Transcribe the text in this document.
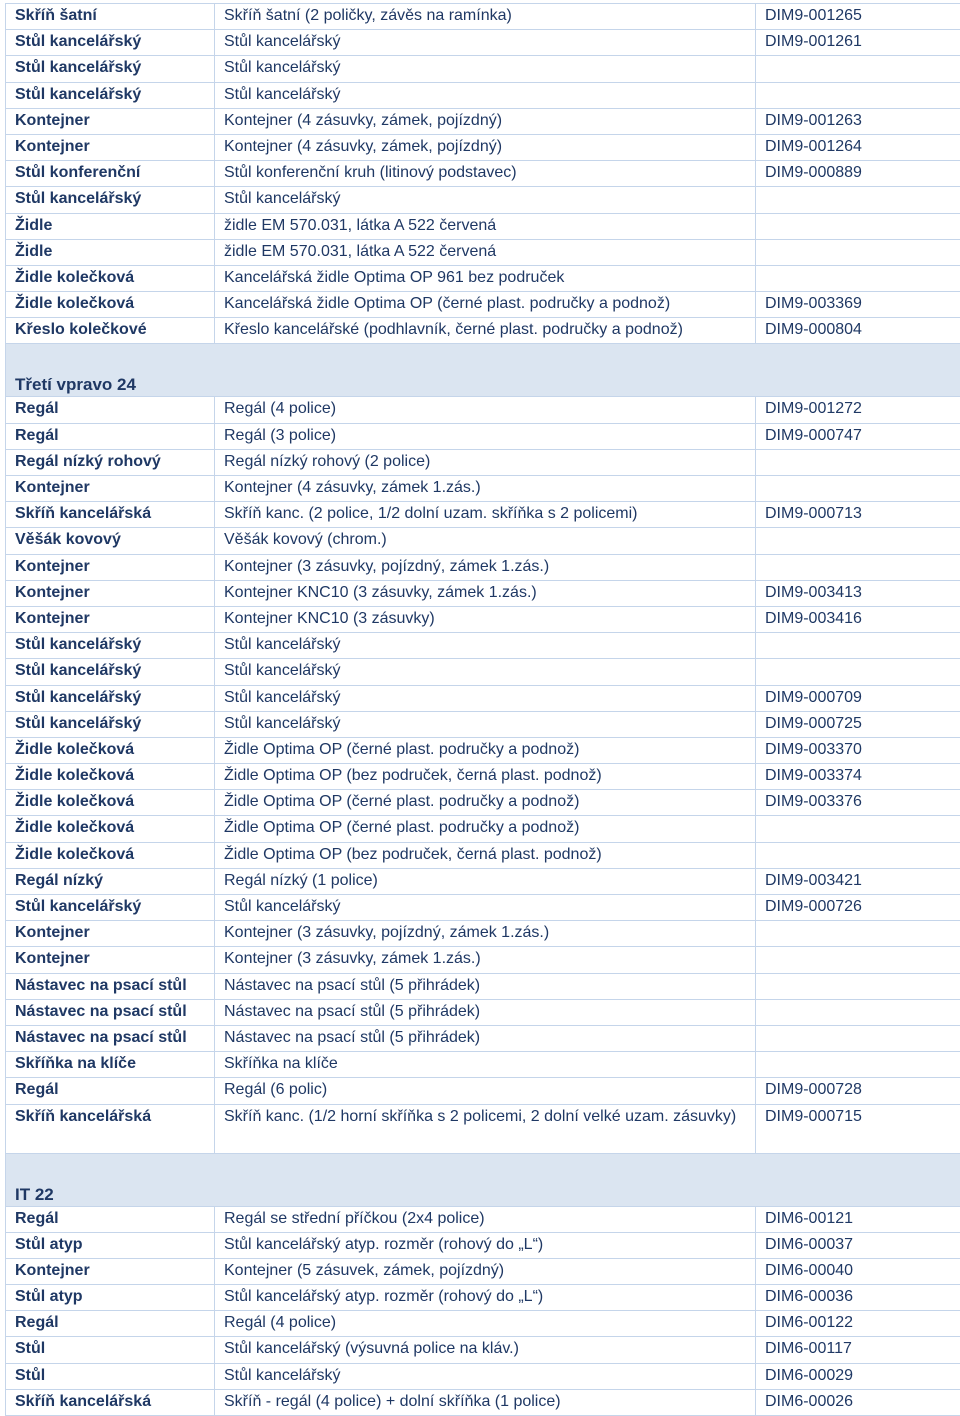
Skříň šatní	Skříň šatní (2 poličky, závěs na ramínka)	DIM9-001265
Stůl kancelářský	Stůl kancelářský	DIM9-001261
Stůl kancelářský	Stůl kancelářský	
Stůl kancelářský	Stůl kancelářský	
Kontejner	Kontejner (4 zásuvky, zámek, pojízdný)	DIM9-001263
Kontejner	Kontejner (4 zásuvky, zámek, pojízdný)	DIM9-001264
Stůl konferenční	Stůl konferenční kruh (litinový podstavec)	DIM9-000889
Stůl kancelářský	Stůl kancelářský	
Židle	židle EM 570.031, látka A 522 červená	
Židle	židle EM 570.031, látka A 522 červená	
Židle kolečková	Kancelářská židle Optima OP 961 bez područek	
Židle kolečková	Kancelářská židle Optima OP (černé plast. područky a podnož)	DIM9-003369
Křeslo kolečkové	Křeslo kancelářské (podhlavník, černé plast. područky a podnož)	DIM9-000804
Třetí vpravo 24		
Regál	Regál (4 police)	DIM9-001272
Regál	Regál (3 police)	DIM9-000747
Regál nízký rohový	Regál nízký rohový (2 police)	
Kontejner	Kontejner (4 zásuvky, zámek 1.zás.)	
Skříň kancelářská	Skříň kanc. (2 police, 1/2 dolní uzam. skříňka s 2 policemi)	DIM9-000713
Věšák kovový	Věšák kovový (chrom.)	
Kontejner	Kontejner (3 zásuvky, pojízdný, zámek 1.zás.)	
Kontejner	Kontejner KNC10 (3 zásuvky, zámek 1.zás.)	DIM9-003413
Kontejner	Kontejner KNC10 (3 zásuvky)	DIM9-003416
Stůl kancelářský	Stůl kancelářský	
Stůl kancelářský	Stůl kancelářský	
Stůl kancelářský	Stůl kancelářský	DIM9-000709
Stůl kancelářský	Stůl kancelářský	DIM9-000725
Židle kolečková	Židle Optima OP (černé plast. područky a podnož)	DIM9-003370
Židle kolečková	Židle Optima OP (bez područek, černá plast. podnož)	DIM9-003374
Židle kolečková	Židle Optima OP (černé plast. područky a podnož)	DIM9-003376
Židle kolečková	Židle Optima OP (černé plast. područky a podnož)	
Židle kolečková	Židle Optima OP (bez područek, černá plast. podnož)	
Regál nízký	Regál nízký (1 police)	DIM9-003421
Stůl kancelářský	Stůl kancelářský	DIM9-000726
Kontejner	Kontejner (3 zásuvky, pojízdný, zámek 1.zás.)	
Kontejner	Kontejner (3 zásuvky, zámek 1.zás.)	
Nástavec na psací stůl	Nástavec na psací stůl (5 přihrádek)	
Nástavec na psací stůl	Nástavec na psací stůl (5 přihrádek)	
Nástavec na psací stůl	Nástavec na psací stůl (5 přihrádek)	
Skříňka na klíče	Skříňka na klíče	
Regál	Regál (6 polic)	DIM9-000728
Skříň kancelářská	Skříň kanc. (1/2 horní skříňka s 2 policemi, 2 dolní velké uzam. zásuvky)	DIM9-000715
IT 22		
Regál	Regál se střední příčkou (2x4 police)	DIM6-00121
Stůl atyp	Stůl kancelářský atyp. rozměr (rohový do „L“)	DIM6-00037
Kontejner	Kontejner (5 zásuvek, zámek, pojízdný)	DIM6-00040
Stůl atyp	Stůl kancelářský atyp. rozměr (rohový do „L“)	DIM6-00036
Regál	Regál (4 police)	DIM6-00122
Stůl	Stůl kancelářský (výsuvná police na kláv.)	DIM6-00117
Stůl	Stůl kancelářský	DIM6-00029
Skříň kancelářská	Skříň - regál (4 police) + dolní skříňka (1 police)	DIM6-00026
